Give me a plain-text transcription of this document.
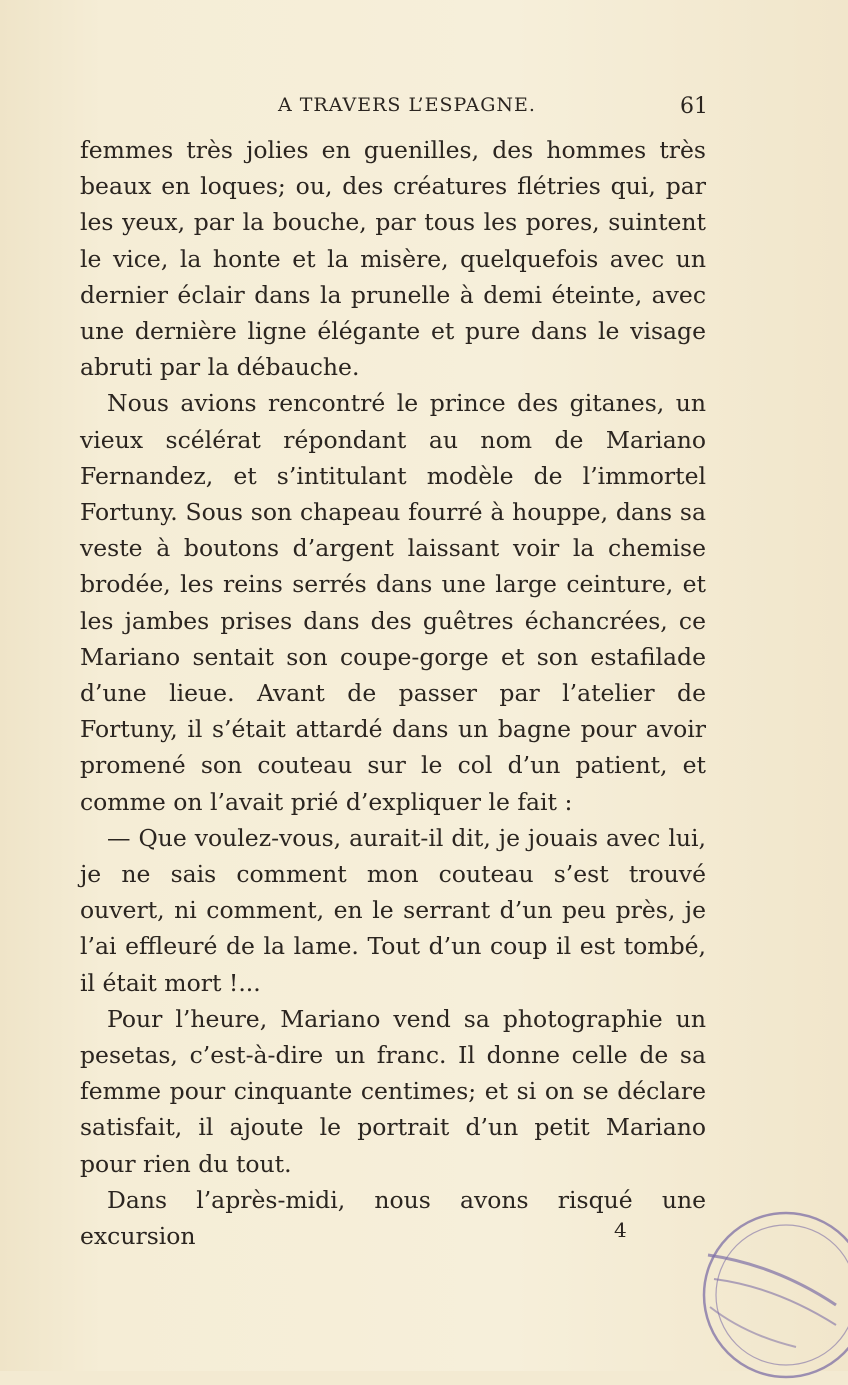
A TRAVERS L’ESPAGNE.	61

femmes très jolies en guenilles, des hommes très beaux en loques; ou, des créatures flétries qui, par les yeux, par la bouche, par tous les pores, suintent le vice, la honte et la misère, quelquefois avec un dernier éclair dans la prunelle à demi éteinte, avec une dernière ligne élégante et pure dans le visage abruti par la débauche.

Nous avions rencontré le prince des gitanes, un vieux scélérat répondant au nom de Mariano Fernandez, et s’intitulant modèle de l’immortel Fortuny. Sous son chapeau fourré à houppe, dans sa veste à boutons d’argent laissant voir la chemise brodée, les reins serrés dans une large ceinture, et les jambes prises dans des guêtres échancrées, ce Mariano sentait son coupe-gorge et son estafilade d’une lieue. Avant de passer par l’atelier de Fortuny, il s’était attardé dans un bagne pour avoir promené son couteau sur le col d’un patient, et comme on l’avait prié d’expliquer le fait :

— Que voulez-vous, aurait-il dit, je jouais avec lui, je ne sais comment mon couteau s’est trouvé ouvert, ni comment, en le serrant d’un peu près, je l’ai effleuré de la lame. Tout d’un coup il est tombé, il était mort !...

Pour l’heure, Mariano vend sa photographie un pesetas, c’est-à-dire un franc. Il donne celle de sa femme pour cinquante centimes; et si on se déclare satisfait, il ajoute le portrait d’un petit Mariano pour rien du tout.

Dans l’après-midi, nous avons risqué une excursion	4
